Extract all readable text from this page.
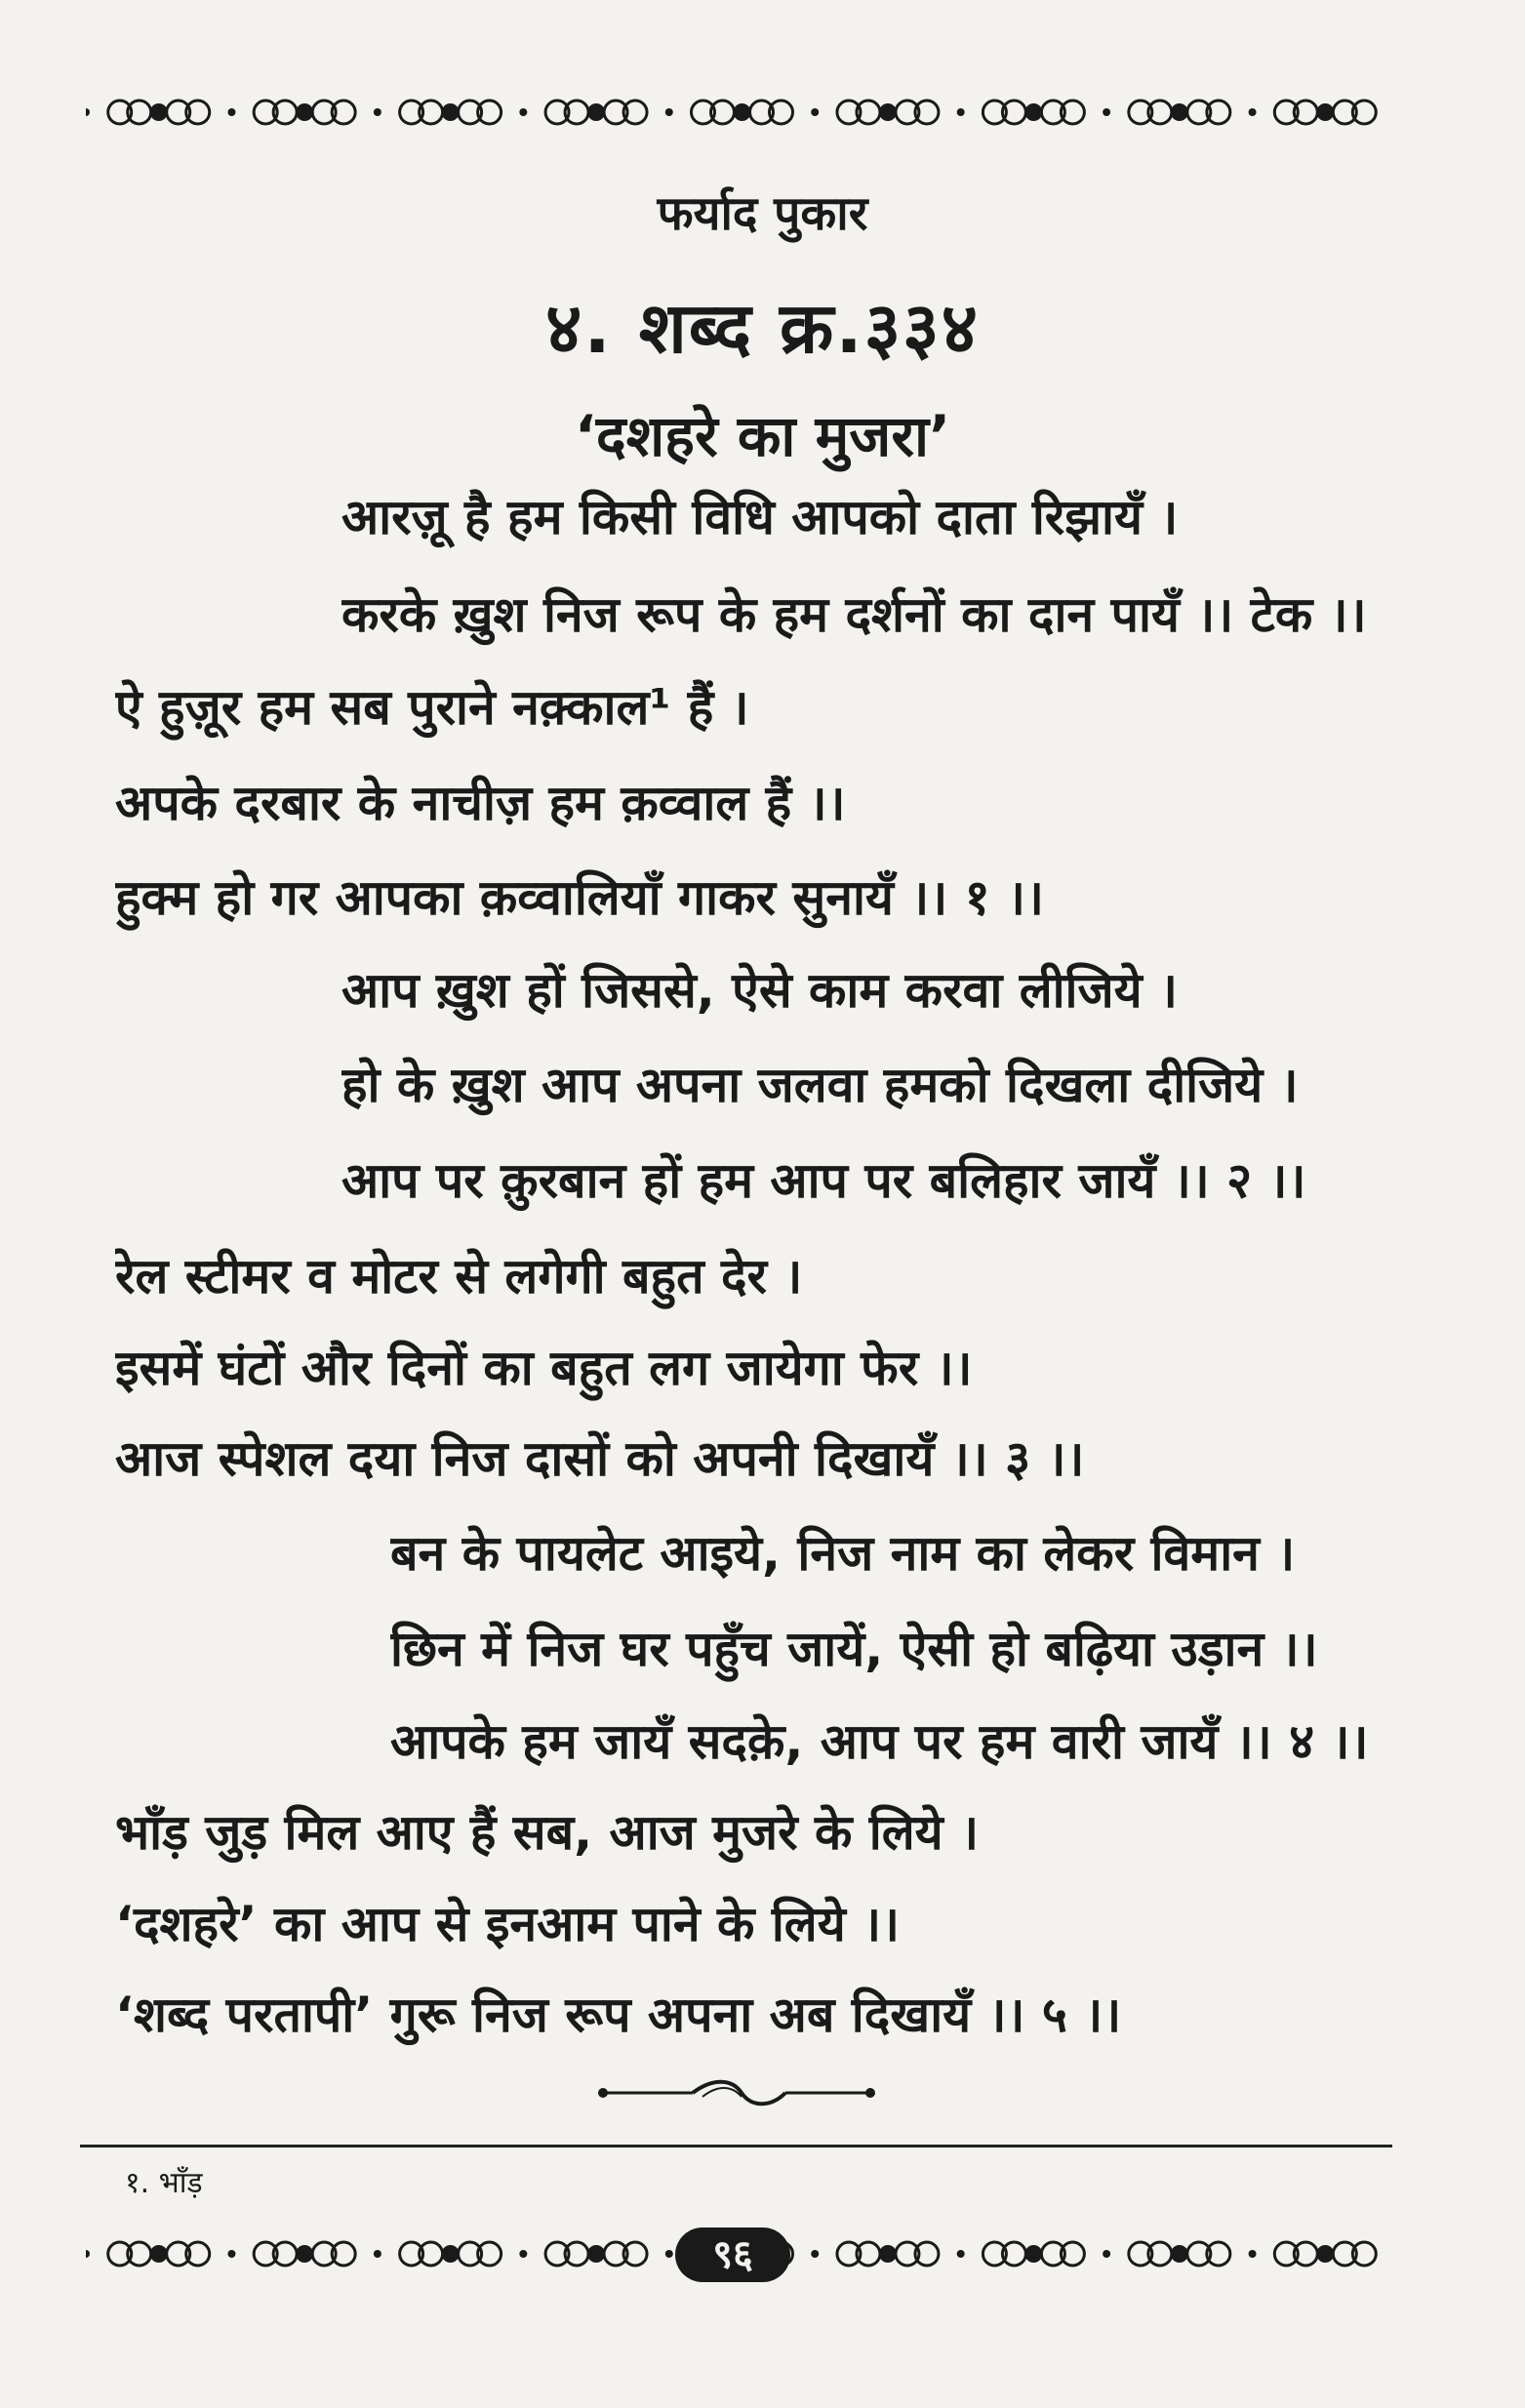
फर्याद पुकार
४. शब्द क्र.३३४
‘दशहरे का मुजरा’
आरज़ू है हम किसी विधि आपको दाता रिझायँ ।
करके ख़ुश निज रूप के हम दर्शनों का दान पायँ ।। टेक ।।
ऐ हुज़ूर हम सब पुराने नक़्काल¹ हैं ।
अपके दरबार के नाचीज़ हम क़व्वाल हैं ।।
हुक्म हो गर आपका क़व्वालियाँ गाकर सुनायँ ।। १ ।।
आप ख़ुश हों जिससे, ऐसे काम करवा लीजिये ।
हो के ख़ुश आप अपना जलवा हमको दिखला दीजिये ।
आप पर क़ुरबान हों हम आप पर बलिहार जायँ ।। २ ।।
रेल स्टीमर व मोटर से लगेगी बहुत देर ।
इसमें घंटों और दिनों का बहुत लग जायेगा फेर ।।
आज स्पेशल दया निज दासों को अपनी दिखायँ ।। ३ ।।
बन के पायलेट आइये, निज नाम का लेकर विमान ।
छिन में निज घर पहुँच जायें, ऐसी हो बढ़िया उड़ान ।।
आपके हम जायँ सदक़े, आप पर हम वारी जायँ ।। ४ ।।
भाँड़ जुड़ मिल आए हैं सब, आज मुजरे के लिये ।
‘दशहरे’ का आप से इनआम पाने के लिये ।।
‘शब्द परतापी’ गुरू निज रूप अपना अब दिखायँ ।। ५ ।।
१. भाँड़
९६
